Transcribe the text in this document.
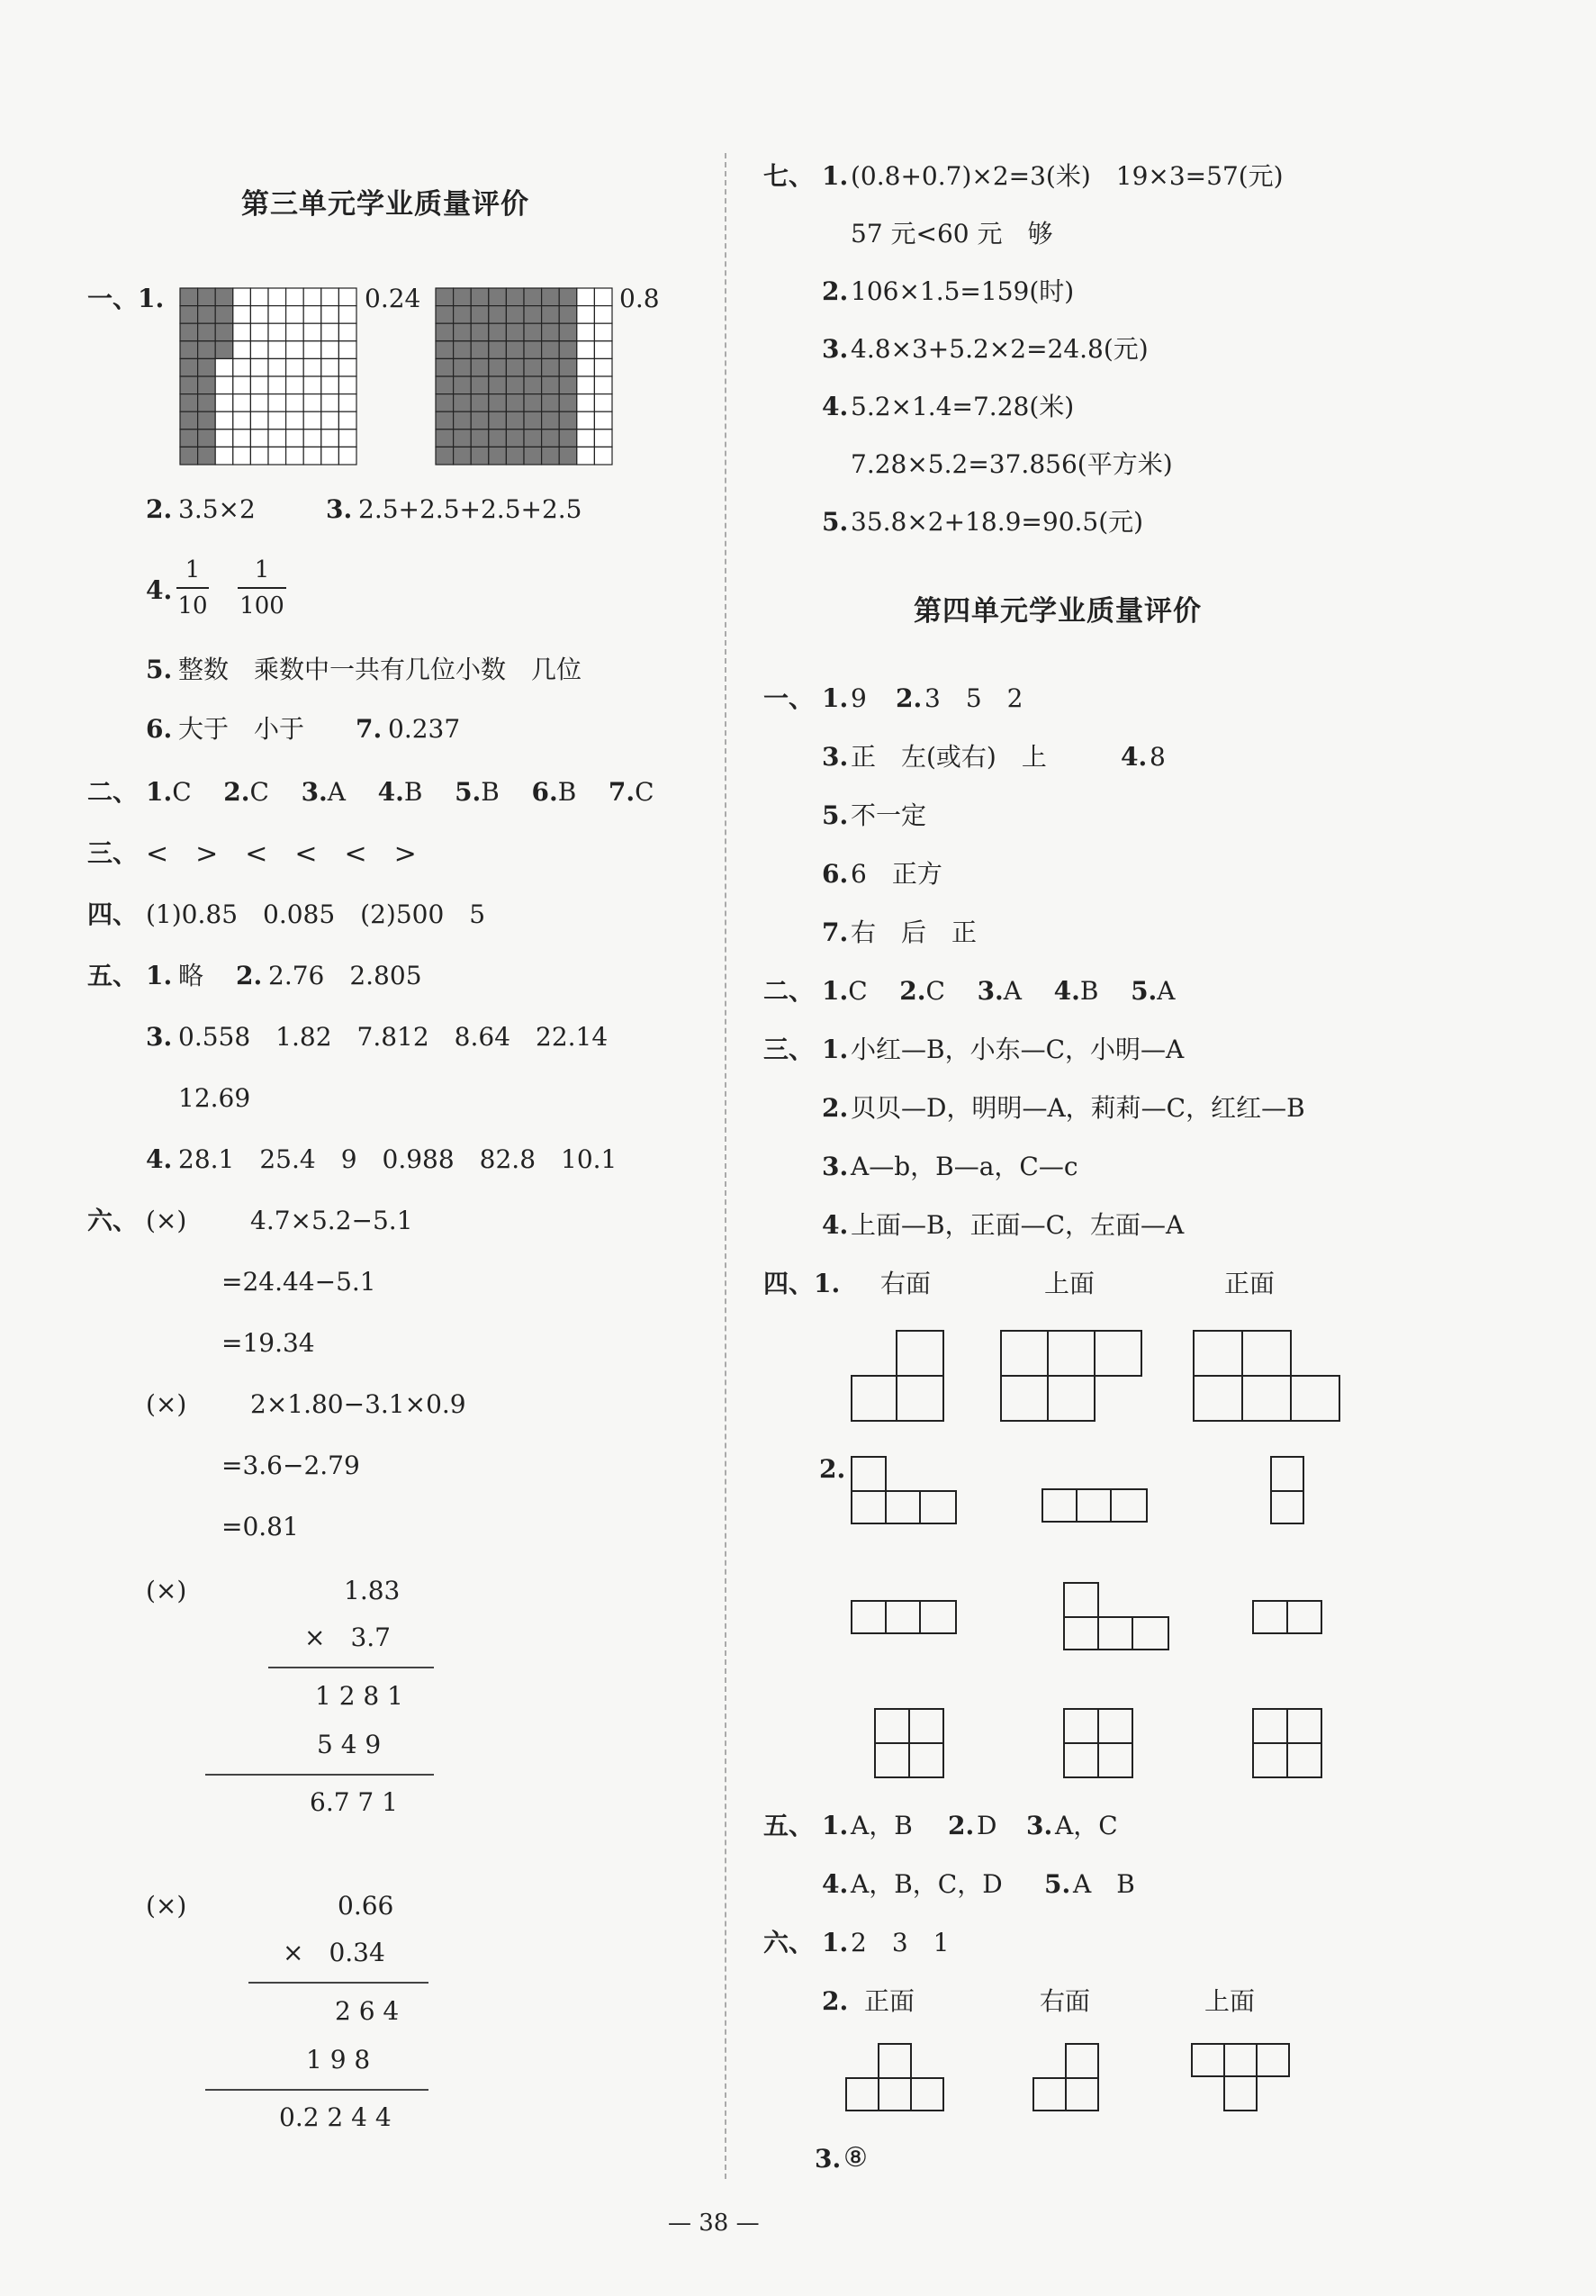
第三单元学业质量评价
一、1.	0.24	0.8
2. 3.5×2	3. 2.5+2.5+2.5+2.5
4.
1
10
1
100
5. 整数　乘数中一共有几位小数　几位
6. 大于　小于 7. 0.237
二、 1.C 2.C 3.A 4.B 5.B 6.B 7.C
三、 <　>　<　<　<　>
四、 (1)0.85　0.085　(2)500　5
五、 1. 略 2. 2.76　2.805
3. 0.558　1.82　7.812　8.64　22.14
12.69
4. 28.1　25.4　9　0.988　82.8　10.1
六、 (×)	4.7×5.2−5.1
=24.44−5.1
=19.34
(×)	2×1.80−3.1×0.9
=3.6−2.79
=0.81
(×)	1.83
×　3.7
1 2 8 1
5 4 9
6.7 7 1
(×)	0.66
×　0.34
2 6 4
1 9 8
0.2 2 4 4
七、 1. (0.8+0.7)×2=3(米)　19×3=57(元)
57 元<60 元　够
2. 106×1.5=159(时)
3. 4.8×3+5.2×2=24.8(元)
4. 5.2×1.4=7.28(米)
7.28×5.2=37.856(平方米)
5. 35.8×2+18.9=90.5(元)
第四单元学业质量评价
一、 1. 9 2. 3　5　2
3. 正　左(或右)　上	4. 8
5. 不一定
6. 6　正方
7. 右　后　正
二、 1.C 2.C 3.A 4.B 5.A
三、 1. 小红—B，小东—C，小明—A
2. 贝贝—D，明明—A，莉莉—C，红红—B
3. A—b，B—a，C—c
4. 上面—B，正面—C，左面—A
四、1. 右面	上面	正面
2.
五、 1. A，B 2. D 3. A，C
4. A，B，C，D 5. A　B
六、 1. 2　3　1
2. 正面	右面	上面
3. ⑧
— 38 —
